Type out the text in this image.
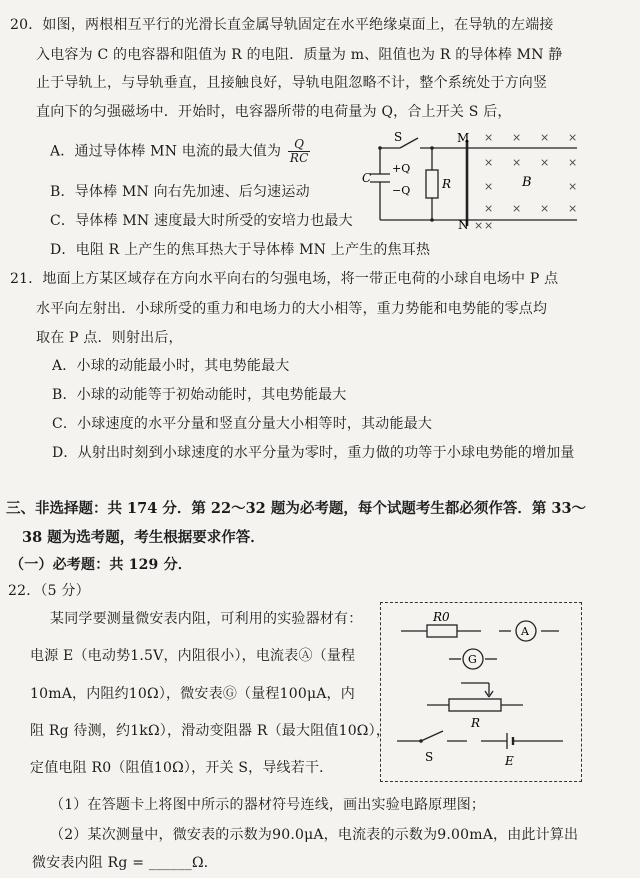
20．如图，两根相互平行的光滑长直金属导轨固定在水平绝缘桌面上，在导轨的左端接
入电容为 C 的电容器和阻值为 R 的电阻．质量为 m、阻值也为 R 的导体棒 MN 静
止于导轨上，与导轨垂直，且接触良好，导轨电阻忽略不计，整个系统处于方向竖
直向下的匀强磁场中．开始时，电容器所带的电荷量为 Q，合上开关 S 后，
A．通过导体棒 MN 电流的最大值为 $\frac{Q}{RC}$
B．导体棒 MN 向右先加速、后匀速运动
C．导体棒 MN 速度最大时所受的安培力也最大
D．电阻 R 上产生的焦耳热大于导体棒 MN 上产生的焦耳热
S	M
N
C
+Q
−Q	R	B
× × × ×
× × × ×
×	×
× × × ×
× ×
21．地面上方某区域存在方向水平向右的匀强电场，将一带正电荷的小球自电场中 P 点
水平向左射出．小球所受的重力和电场力的大小相等，重力势能和电势能的零点均
取在 P 点．则射出后，
A．小球的动能最小时，其电势能最大
B．小球的动能等于初始动能时，其电势能最大
C．小球速度的水平分量和竖直分量大小相等时，其动能最大
D．从射出时刻到小球速度的水平分量为零时，重力做的功等于小球电势能的增加量
三、非选择题：共 174 分．第 22～32 题为必考题，每个试题考生都必须作答．第 33～
38 题为选考题，考生根据要求作答．
（一）必考题：共 129 分．
22．（5 分）
某同学要测量微安表内阻，可利用的实验器材有：
电源 E（电动势1.5V，内阻很小），电流表Ⓐ（量程
10mA，内阻约10Ω），微安表Ⓖ（量程100μA，内
阻 Rg 待测，约1kΩ），滑动变阻器 R（最大阻值10Ω），
定值电阻 R0（阻值10Ω），开关 S，导线若干．
R0
A
G
R
S	E
（1）在答题卡上将图中所示的器材符号连线，画出实验电路原理图；
（2）某次测量中，微安表的示数为90.0μA，电流表的示数为9.00mA，由此计算出
微安表内阻 Rg = ______Ω．
